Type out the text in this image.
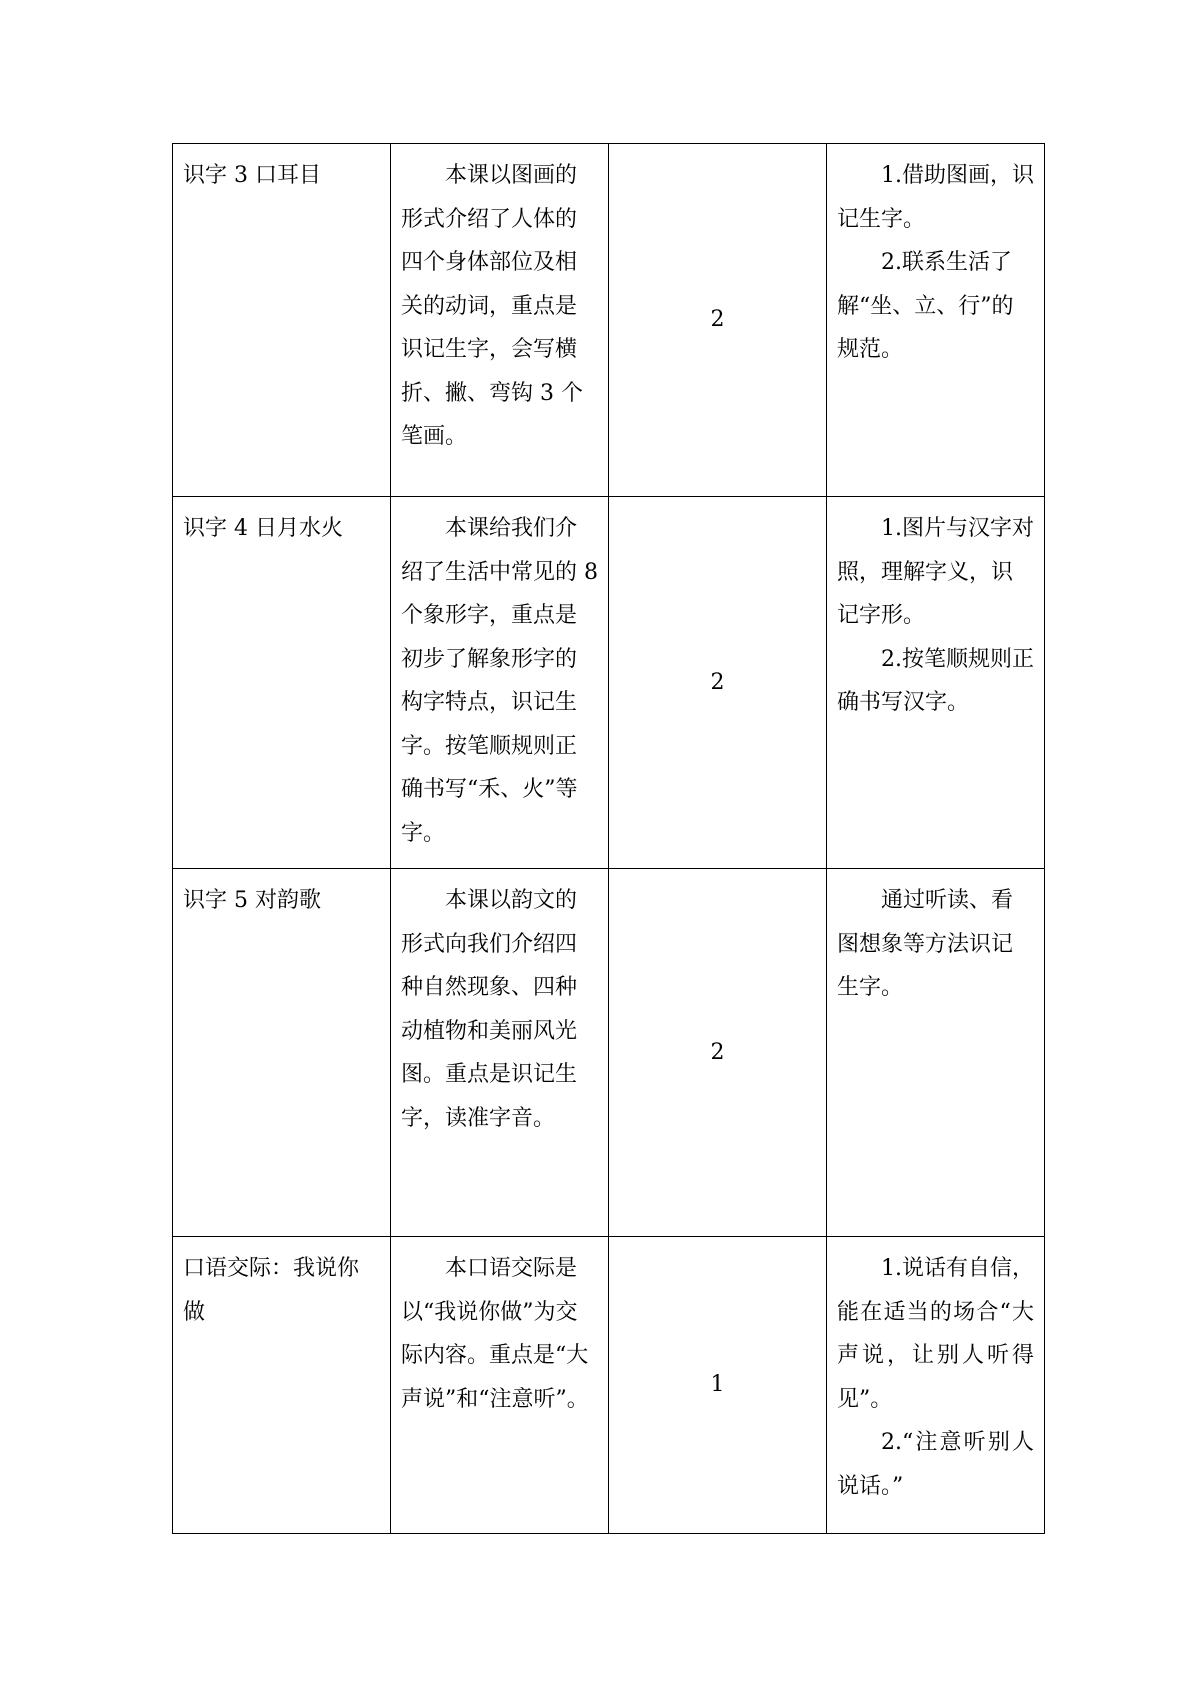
识字 3 口耳目	本课以图画的形式介绍了人体的四个身体部位及相关的动词，重点是识记生字，会写横折、撇、弯钩 3 个笔画。	2	1.借助图画，识记生字。

2.联系生活了解“坐、立、行”的规范。

识字 4 日月水火	本课给我们介绍了生活中常见的 8 个象形字，重点是初步了解象形字的构字特点，识记生字。按笔顺规则正确书写“禾、火”等字。	2	1.图片与汉字对照，理解字义，识记字形。

2.按笔顺规则正确书写汉字。

识字 5 对韵歌	本课以韵文的形式向我们介绍四种自然现象、四种动植物和美丽风光图。重点是识记生字，读准字音。	2	通过听读、看图想象等方法识记生字。

口语交际：我说你做	本口语交际是以“我说你做”为交际内容。重点是“大声说”和“注意听”。	1	1.说话有自信，能在适当的场合“大声说，让别人听得见”。

2.“注意听别人说话。”
